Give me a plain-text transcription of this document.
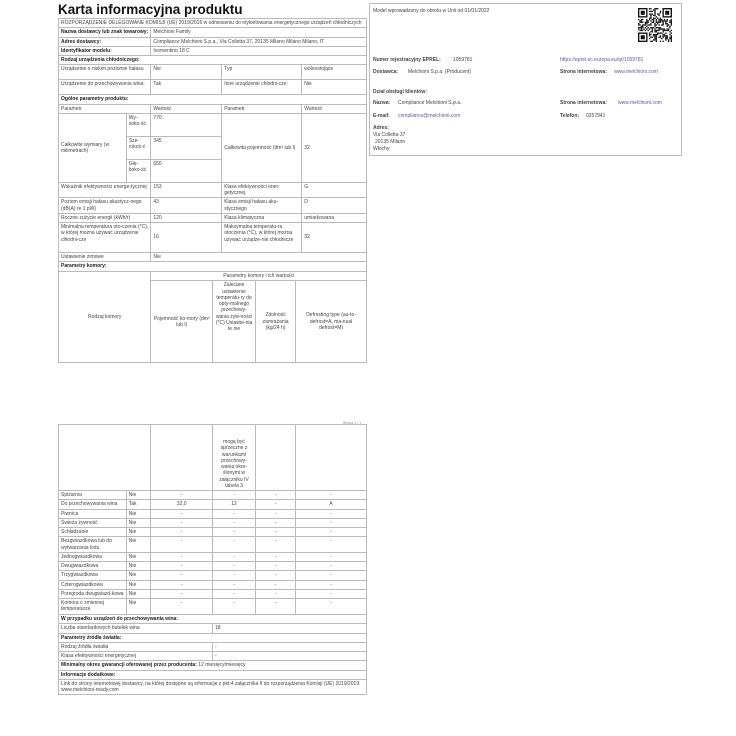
Karta informacyjna produktu
ROZPORZĄDZENIE DELEGOWANE KOMISJI (UE) 2019/2016 w odniesieniu do etykietowania energetycznego urządzeń chłodniczych				
Nazwa dostawcy lub znak towarowy:		Melchioni Family		
Adres dostawcy:		Compliance Melchioni S.p.a., Via Colletta 37, 20135 Milano Milano Milano, IT		
Identyfikator modelu:		Ivomentino 18 C		
Rodzaj urządzenia chłodniczego:				
Urządzenie o niskim poziomie hałasu		Nie	Typ	wolnostojące
Urządzenie do przechowywania wina:		Tak	Inne urządzenie chłodni-cze:	Nie
Ogólne parametry produktu:				
Parametr		Wartość	Parametr	Wartość
Całkowite wymiary (w milimetrach)	Wy-soko-ść	770	Całkowita pojemność (dm³ lub l)	32
	Sze-rokoś-ć	345		
	Głę-boko-ść	650		
Wskaźnik efektywności energe-tycznej		153	Klasa efektywności ener-getycznej	G
Poziom emisji hałasu akustycz-nego (dB(A) re 1 pW)		43	Klasa emisji hałasu aku-stycznego	D
Roczne zużycie energii (kWh/r)		120	Klasa klimatyczna	umiarkowana
Minimalna temperatura oto-czenia (°C), w której można używać urządzenie chłodni-cze		16	Maksymalna temperatu-ra otoczenia (°C), w której można używać urządze-nie chłodnicze	32
Ustawienie zimowe		Nie		
Parametry komory:				
Rodzaj komory	Parametry komory i ich wartości			
	Pojemność ko-mory (dm³ lub l)	Zalecane ustawienie temperatu-ry do opty-malnego przechowy-wania żyw-ności (°C) Ustawie-nia te nie	Zdolność zamrażania (kg/24 h)	Defrosting type (au-to-defrost=A, ma-nual defrost=M)
Strona 1 / 1
			mogą być sprzeczne z warunkami przechowy-wania okre-ślonymi w załączniku IV tabela 3		
Spiżarnia	Nie	-	-	-	-
Do przechowywania wina	Tak	32,0	12	-	A
Piwnica	Nie	-	-	-	-
Świeża żywność	Nie	-	-	-	-
Schładzanie	Nie	-	-	-	-
Bezgwiazdkowa lub do wytwarzania lodu	Nie	-	-	-	-
Jednogwiazdkowa	Nie	-	-	-	-
Dwugwiazdkowa	Nie	-	-	-	-
Trzygwiazdkowa	Nie	-	-	-	-
Czterogwiazdkowa	Nie	-	-	-	-
Przegroda dwugwiazd-kowa	Nie	-	-	-	-
Komora o zmiennej temperaturze	Nie	-	-	-	-
W przypadku urządzeń do przechowywania wina:	
Liczba standardowych butelek wina	18
Parametry źródła światła:	
Rodzaj źródła światła	-
Klasa efektywności energetycznej	-
Minimalny okres gwarancji oferowanej przez producenta: 12 miesięcy/miesięcy	
Informacje dodatkowe:	
Link do strony internetowej dostawcy, na której dostępne są informacje z pkt 4 załącznika II do rozporządzenia Komisji (UE) 2019/2019: www.melchioni-ready.com	
Model wprowadzony do obrotu w Unii od 01/01/2022
Numer rejestracyjny EPREL: 1059781	https://eprel.ec.europa.eu/qr/1059781
Dostawca: Melchioni S.p.a. (Producent)	Strona internetowa: www.melchioni.com
Dział obsługi klientów:
Nazwa: Compliance Melchioni S.p.a.	Strona internetowa: www.melchioni.com
E-mail: compliance@melchioni.com	Telefon: 0257941
Adres:
Via Colletta 37
20135 Milano
Włochy
